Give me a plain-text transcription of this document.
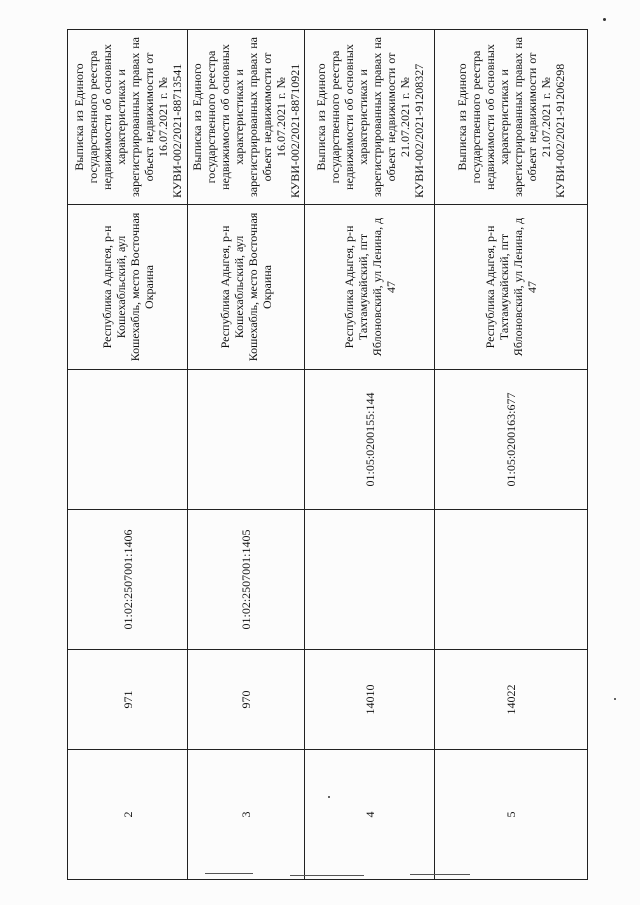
2	971	01:02:2507001:1406		Республика Адыгея, р-н Кошехабльский, аул Кошехабль, место Восточная Окраина	Выписка из Единого государственного реестра недвижимости об основных характеристиках и зарегистрированных правах на объект недвижимости от 16.07.2021 г. № КУВИ-002/2021-88713541

3	970	01:02:2507001:1405		Республика Адыгея, р-н Кошехабльский, аул Кошехабль, место Восточная Окраина	Выписка из Единого государственного реестра недвижимости об основных характеристиках и зарегистрированных правах на объект недвижимости от 16.07.2021 г. № КУВИ-002/2021-88710921

4	14010		01:05:0200155:144	Республика Адыгея, р-н Тахтамукайский, пгт Яблоновский, ул Ленина, д 47	Выписка из Единого государственного реестра недвижимости об основных характеристиках и зарегистрированных правах на объект недвижимости от 21.07.2021 г. № КУВИ-002/2021-91208327

5	14022		01:05:0200163:677	Республика Адыгея, р-н Тахтамукайский, пгт Яблоновский, ул Ленина, д 47	Выписка из Единого государственного реестра недвижимости об основных характеристиках и зарегистрированных правах на объект недвижимости от 21.07.2021 г. № КУВИ-002/2021-91206298
